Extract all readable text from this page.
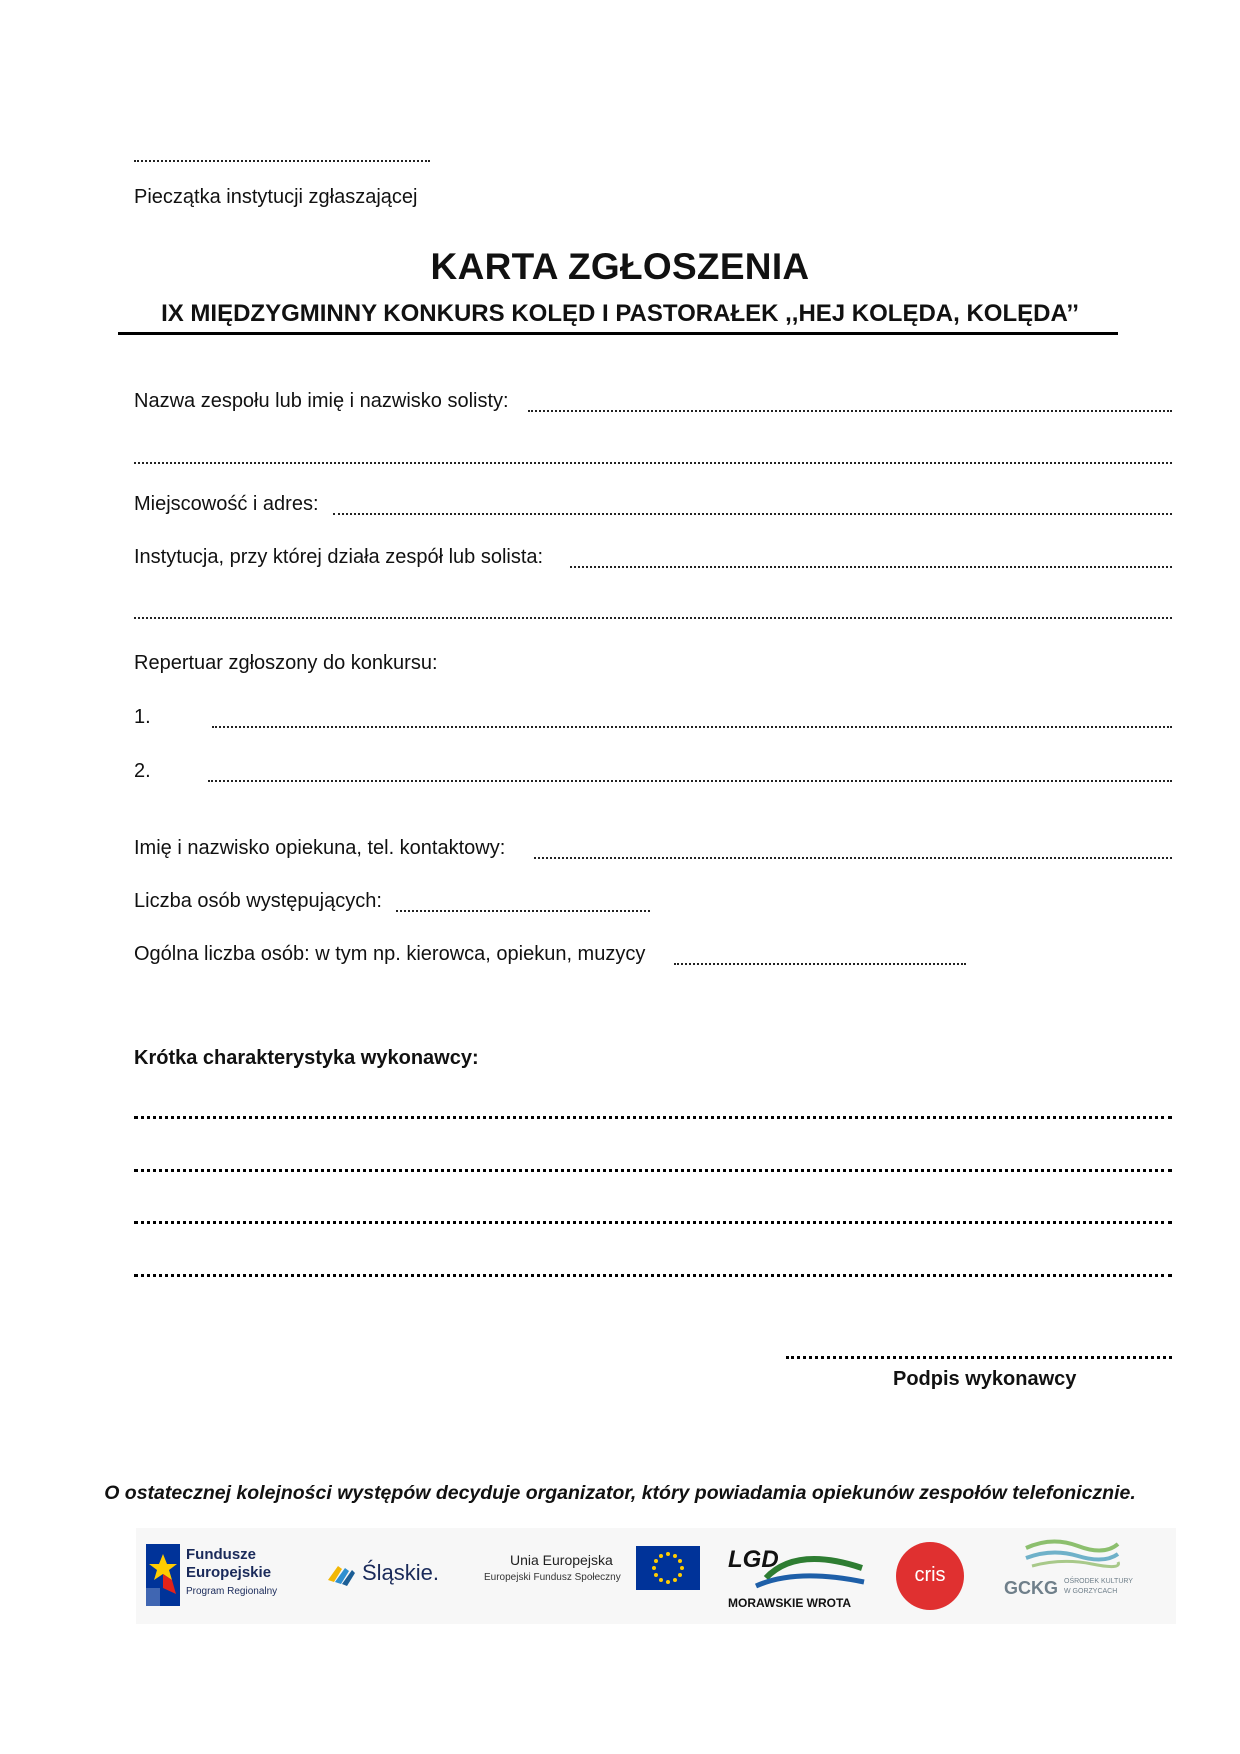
Pieczątka instytucji zgłaszającej
KARTA ZGŁOSZENIA
IX MIĘDZYGMINNY KONKURS KOLĘD I PASTORAŁEK ,,HEJ KOLĘDA, KOLĘDA’’
Nazwa zespołu lub imię i nazwisko solisty:
Miejscowość i adres:
Instytucja, przy której działa zespół lub solista:
Repertuar zgłoszony do konkursu:
1.
2.
Imię i nazwisko opiekuna, tel. kontaktowy:
Liczba osób występujących:
Ogólna liczba osób: w tym np. kierowca, opiekun, muzycy
Krótka charakterystyka wykonawcy:
Podpis wykonawcy
O ostatecznej kolejności występów decyduje organizator, który powiadamia opiekunów zespołów telefonicznie.
Fundusze
Europejskie
Program Regionalny
Śląskie.	Unia Europejska
Europejski Fundusz Społeczny
LGD
MORAWSKIE WROTA
cris
GCKG OŚRODEK KULTURY
W GORZYCACH
